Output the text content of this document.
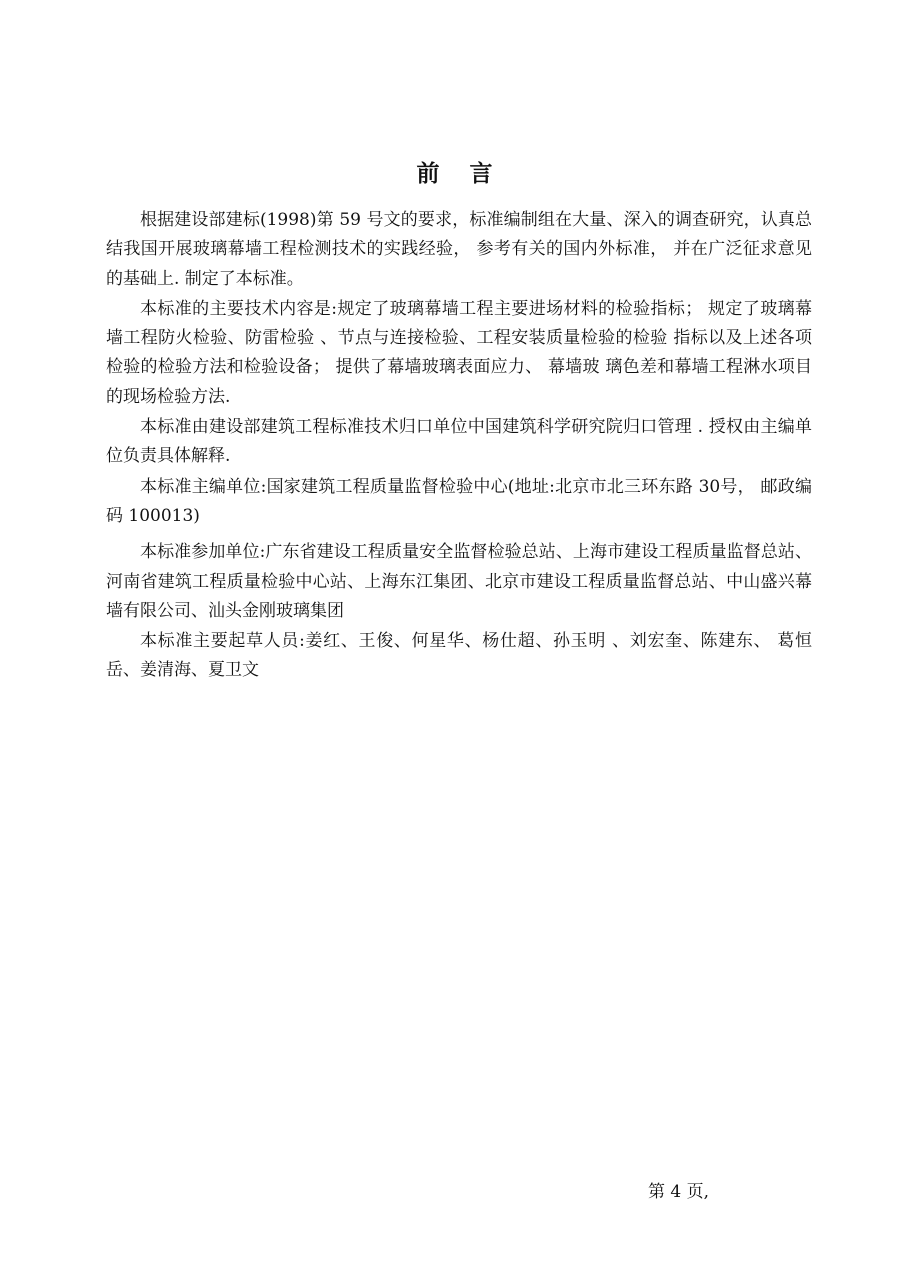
前 言

根据建设部建标(1998)第 59 号文的要求，标准编制组在大量、深入的调查研究，认真总结我国开展玻璃幕墙工程检测技术的实践经验， 参考有关的国内外标准， 并在广泛征求意见的基础上. 制定了本标准。

本标准的主要技术内容是:规定了玻璃幕墙工程主要进场材料的检验指标； 规定了玻璃幕墙工程防火检验、防雷检验 、节点与连接检验、工程安装质量检验的检验 指标以及上述各项检验的检验方法和检验设备； 提供了幕墙玻璃表面应力、 幕墙玻 璃色差和幕墙工程淋水项目的现场检验方法.

本标准由建设部建筑工程标准技术归口单位中国建筑科学研究院归口管理 . 授权由主编单位负责具体解释.

本标准主编单位:国家建筑工程质量监督检验中心(地址:北京市北三环东路 30号， 邮政编码 100013)

本标准参加单位:广东省建设工程质量安全监督检验总站、上海市建设工程质量监督总站、河南省建筑工程质量检验中心站、上海东江集团、北京市建设工程质量监督总站、中山盛兴幕墙有限公司、汕头金刚玻璃集团

本标准主要起草人员:姜红、王俊、何星华、杨仕超、孙玉明 、刘宏奎、陈建东、 葛恒岳、姜清海、夏卫文

第 4 页,
